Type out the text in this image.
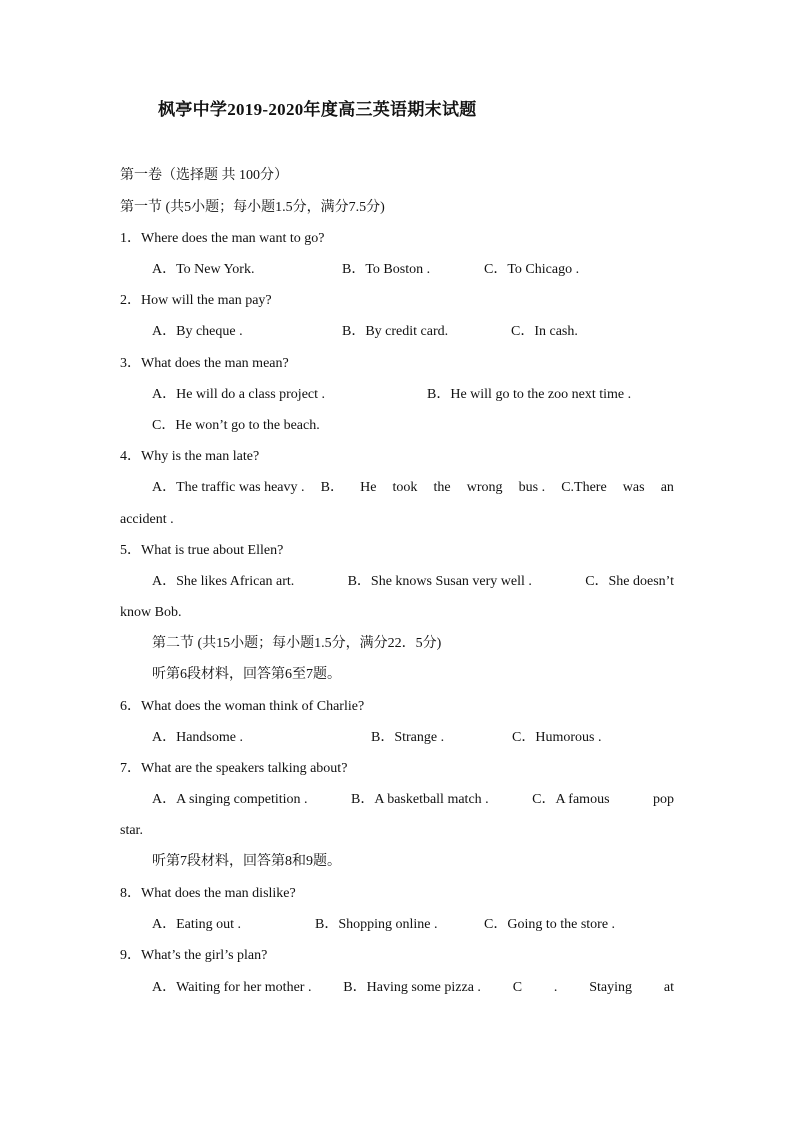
枫亭中学2019-2020年度高三英语期末试题
第一卷（选择题 共 100分）
第一节 (共5小题；每小题1.5分，满分7.5分)
1．Where does the man want to go?
A．To New York.	B．To Boston .	C．To Chicago .
2．How will the man pay?
A．By cheque .	B．By credit card.	C．In cash.
3．What does the man mean?
A．He will do a class project .	B．He will go to the zoo next time .
C．He won’t go to the beach.
4．Why is the man late?
A．The traffic was heavy . B． He took the wrong bus . C.There was an
accident .
5．What is true about Ellen?
A．She likes African art.	B．She knows Susan very well .	C．She doesn’t
know Bob.
第二节 (共15小题；每小题1.5分，满分22．5分)
听第6段材料，回答第6至7题。
6．What does the woman think of Charlie?
A．Handsome .	B．Strange .	C．Humorous .
7．What are the speakers talking about?
A．A singing competition .	B．A basketball match .	C．A famous	pop
star.
听第7段材料，回答第8和9题。
8．What does the man dislike?
A．Eating out .	B．Shopping online .	C．Going to the store .
9．What’s the girl’s plan?
A．Waiting for her mother . B．Having some pizza . C . Staying at
